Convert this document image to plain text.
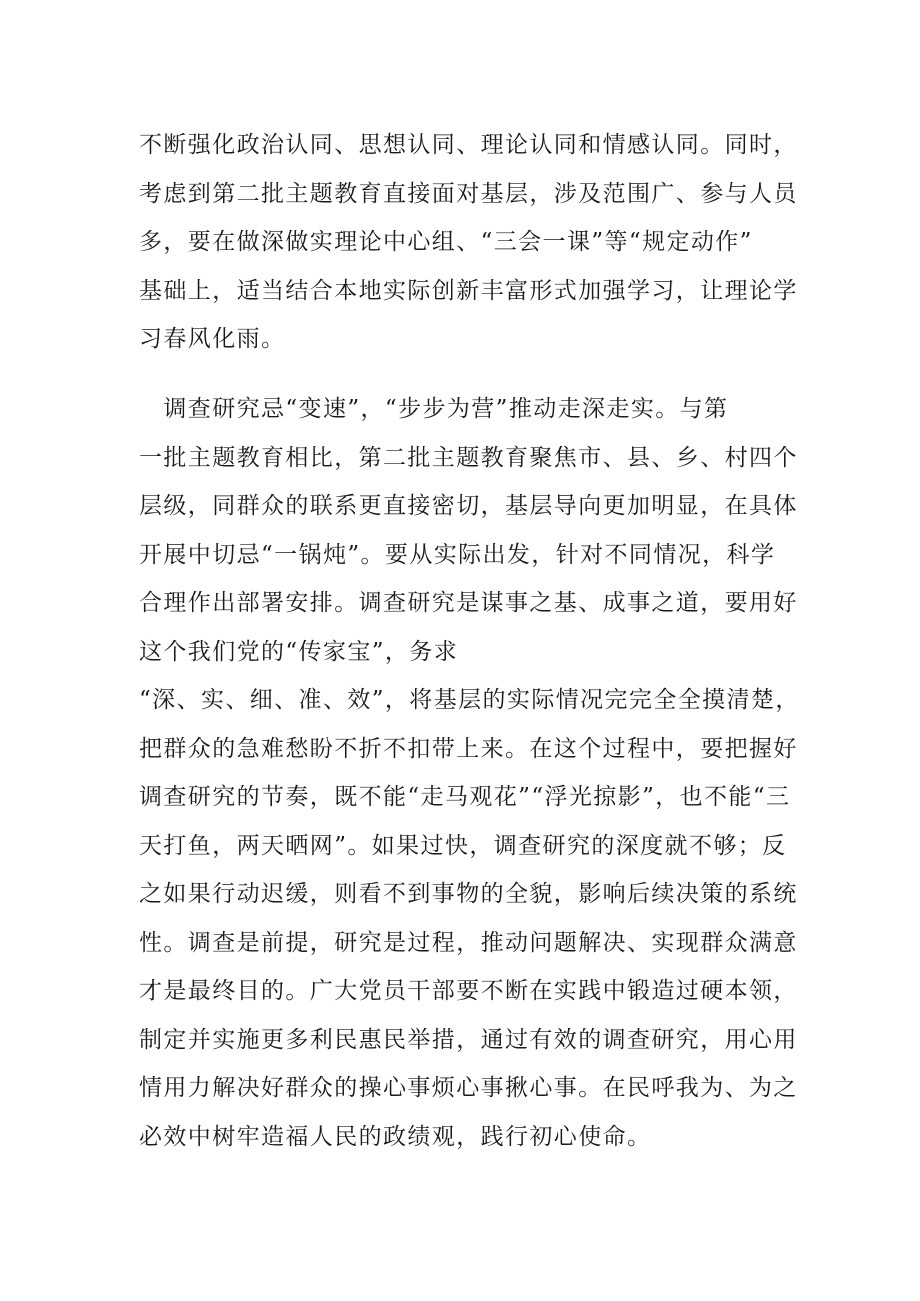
不断强化政治认同、思想认同、理论认同和情感认同。同时，
考虑到第二批主题教育直接面对基层，涉及范围广、参与人员
多，要在做深做实理论中心组、“三会一课”等“规定动作”
基础上，适当结合本地实际创新丰富形式加强学习，让理论学
习春风化雨。
　调查研究忌“变速”，“步步为营”推动走深走实。与第
一批主题教育相比，第二批主题教育聚焦市、县、乡、村四个
层级，同群众的联系更直接密切，基层导向更加明显，在具体
开展中切忌“一锅炖”。要从实际出发，针对不同情况，科学
合理作出部署安排。调查研究是谋事之基、成事之道，要用好
这个我们党的“传家宝”，务求
“深、实、细、准、效”，将基层的实际情况完完全全摸清楚，
把群众的急难愁盼不折不扣带上来。在这个过程中，要把握好
调查研究的节奏，既不能“走马观花”“浮光掠影”，也不能“三
天打鱼，两天晒网”。如果过快，调查研究的深度就不够；反
之如果行动迟缓，则看不到事物的全貌，影响后续决策的系统
性。调查是前提，研究是过程，推动问题解决、实现群众满意
才是最终目的。广大党员干部要不断在实践中锻造过硬本领，
制定并实施更多利民惠民举措，通过有效的调查研究，用心用
情用力解决好群众的操心事烦心事揪心事。在民呼我为、为之
必效中树牢造福人民的政绩观，践行初心使命。
